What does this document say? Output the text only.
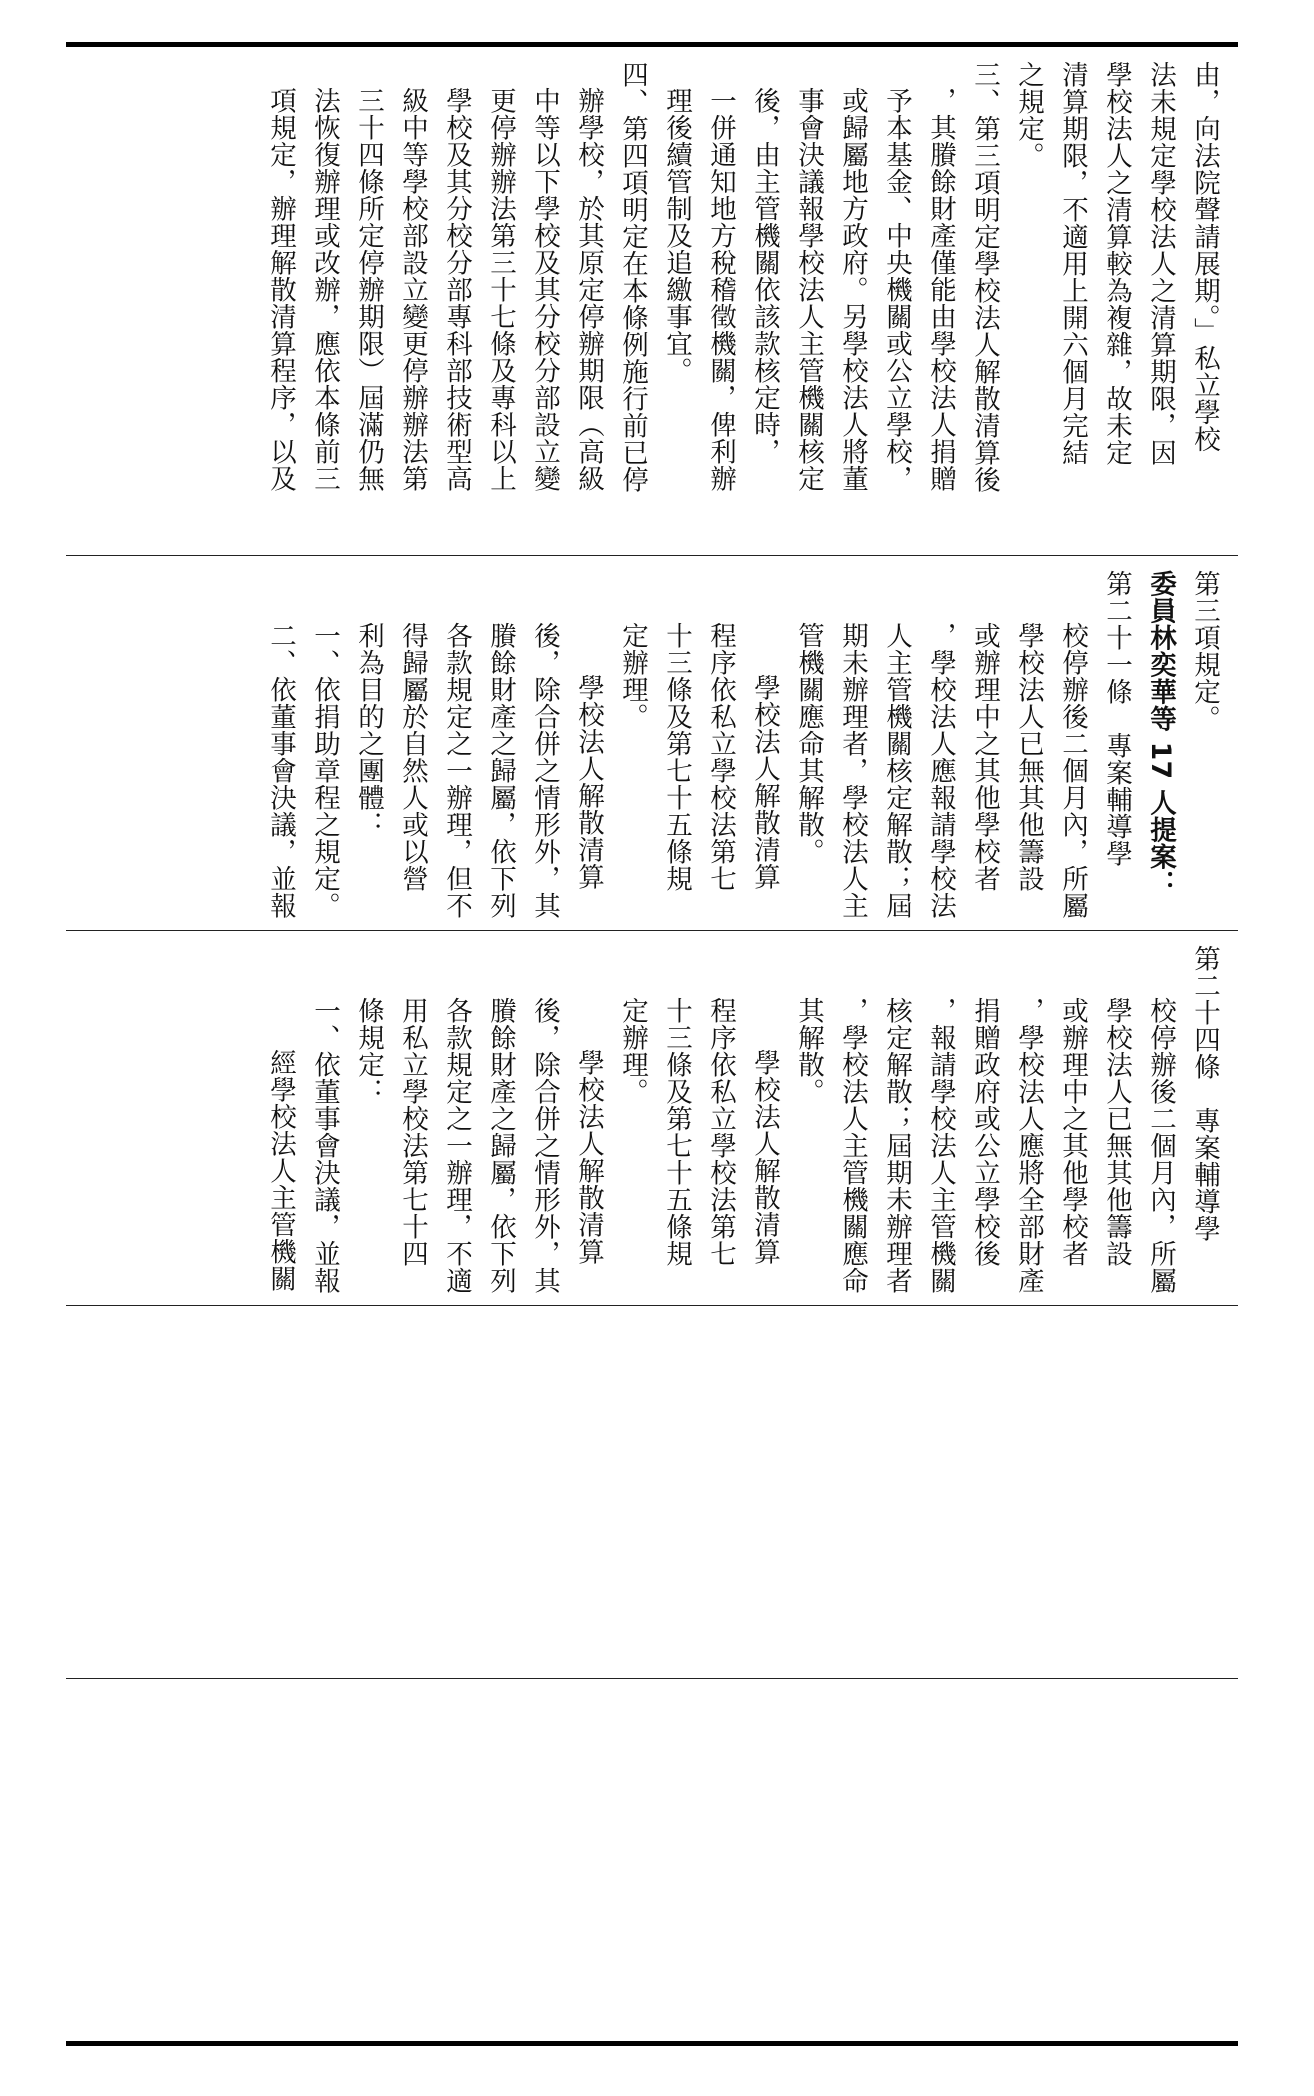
由，向法院聲請展期。」私立學校
法未規定學校法人之清算期限，因
學校法人之清算較為複雜，故未定
清算期限，不適用上開六個月完結
之規定。
三、第三項明定學校法人解散清算後
，其賸餘財產僅能由學校法人捐贈
予本基金、中央機關或公立學校，
或歸屬地方政府。另學校法人將董
事會決議報學校法人主管機關核定
後，由主管機關依該款核定時，
一併通知地方稅稽徵機關，俾利辦
理後續管制及追繳事宜。
四、第四項明定在本條例施行前已停
辦學校，於其原定停辦期限（高級
中等以下學校及其分校分部設立變
更停辦辦法第三十七條及專科以上
學校及其分校分部專科部技術型高
級中等學校部設立變更停辦辦法第
三十四條所定停辦期限）屆滿仍無
法恢復辦理或改辦，應依本條前三
項規定，辦理解散清算程序，以及
第三項規定。
委員林奕華等 17 人提案：
第二十一條　專案輔導學
校停辦後二個月內，所屬
學校法人已無其他籌設
或辦理中之其他學校者
，學校法人應報請學校法
人主管機關核定解散；屆
期未辦理者，學校法人主
管機關應命其解散。
學校法人解散清算
程序依私立學校法第七
十三條及第七十五條規
定辦理。
學校法人解散清算
後，除合併之情形外，其
賸餘財產之歸屬，依下列
各款規定之一辦理，但不
得歸屬於自然人或以營
利為目的之團體：
一、依捐助章程之規定。
二、依董事會決議，並報
第二十四條　專案輔導學
校停辦後二個月內，所屬
學校法人已無其他籌設
或辦理中之其他學校者
，學校法人應將全部財產
捐贈政府或公立學校後
，報請學校法人主管機關
核定解散；屆期未辦理者
，學校法人主管機關應命
其解散。
學校法人解散清算
程序依私立學校法第七
十三條及第七十五條規
定辦理。
學校法人解散清算
後，除合併之情形外，其
賸餘財產之歸屬，依下列
各款規定之一辦理，不適
用私立學校法第七十四
條規定：
一、依董事會決議，並報
經學校法人主管機關
